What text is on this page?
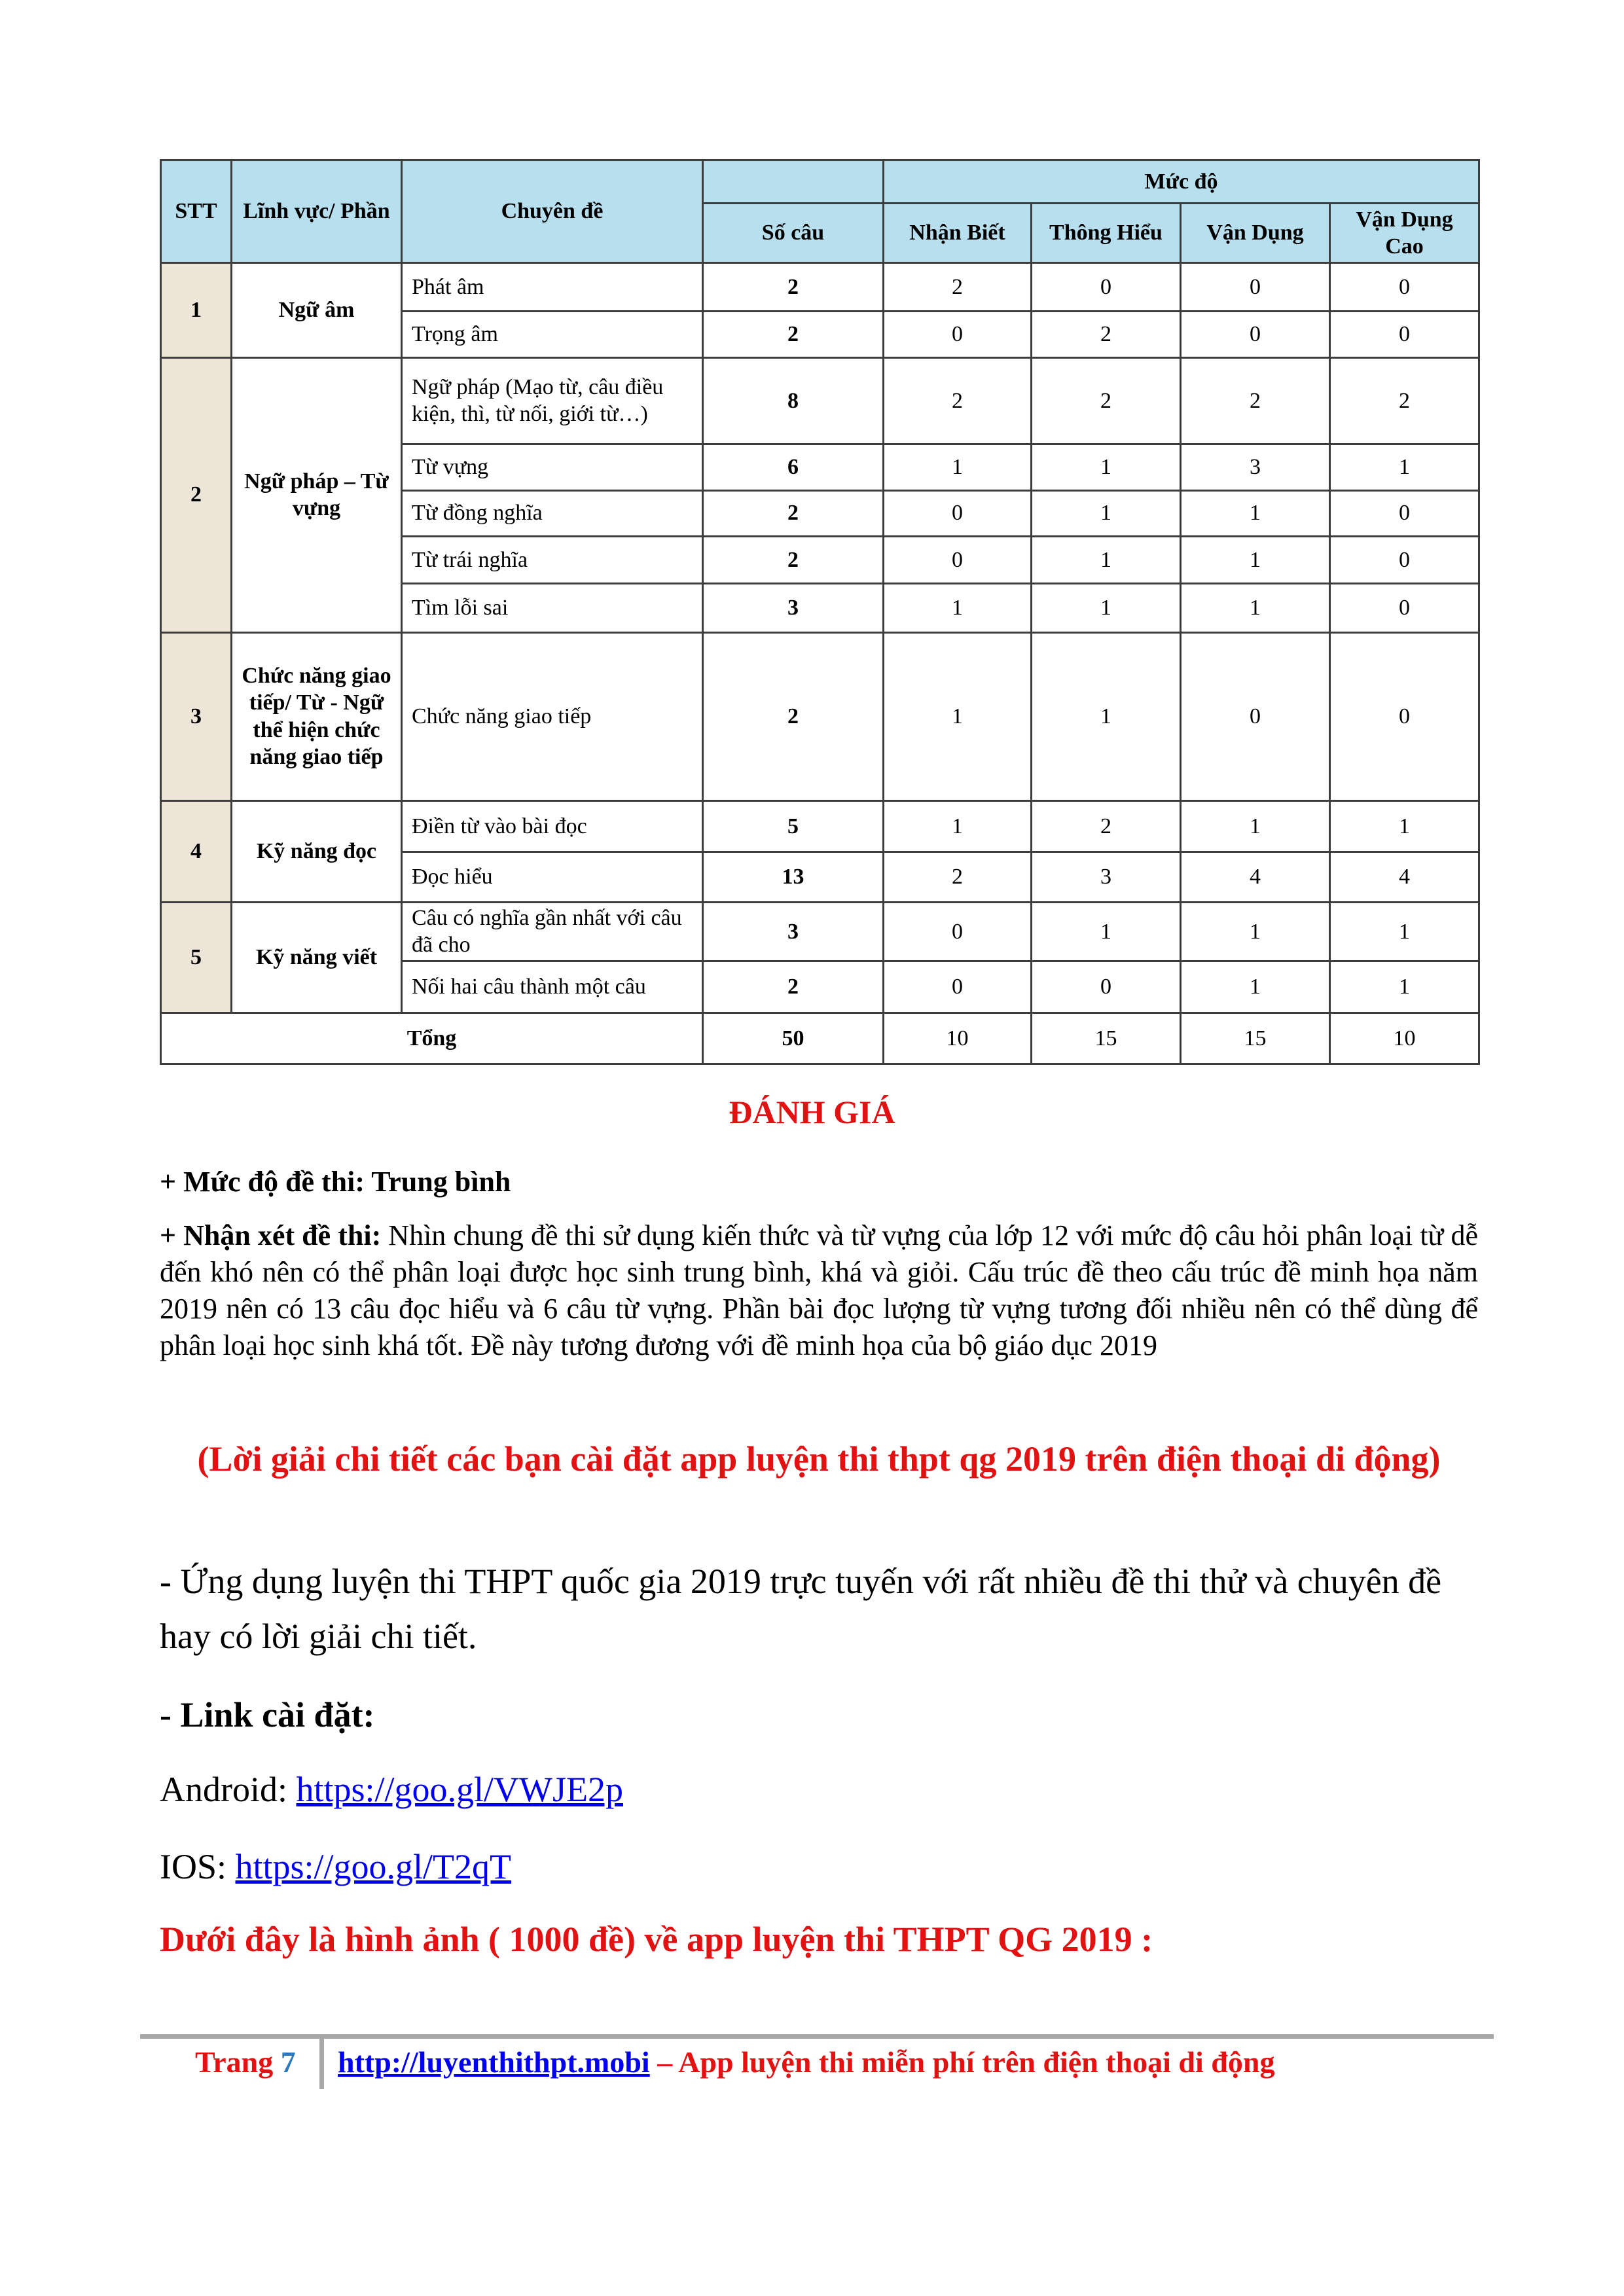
STT	Lĩnh vực/ Phần	Chuyên đề		Mức độ			
			Số câu	Nhận Biết	Thông Hiểu	Vận Dụng	Vận Dụng Cao
1	Ngữ âm	Phát âm	2	2	0	0	0
		Trọng âm	2	0	2	0	0
2	Ngữ pháp – Từ vựng	Ngữ pháp (Mạo từ, câu điều kiện, thì, từ nối, giới từ…)	8	2	2	2	2
		Từ vựng	6	1	1	3	1
		Từ đồng nghĩa	2	0	1	1	0
		Từ trái nghĩa	2	0	1	1	0
		Tìm lỗi sai	3	1	1	1	0
3	Chức năng giao tiếp/ Từ - Ngữ thể hiện chức năng giao tiếp	Chức năng giao tiếp	2	1	1	0	0
4	Kỹ năng đọc	Điền từ vào bài đọc	5	1	2	1	1
		Đọc hiểu	13	2	3	4	4
5	Kỹ năng viết	Câu có nghĩa gần nhất với câu đã cho	3	0	1	1	1
		Nối hai câu thành một câu	2	0	0	1	1
Tổng			50	10	15	15	10
ĐÁNH GIÁ
+ Mức độ đề thi: Trung bình
+ Nhận xét đề thi: Nhìn chung đề thi sử dụng kiến thức và từ vựng của lớp 12 với mức độ câu hỏi phân loại từ dễ đến khó nên có thể phân loại được học sinh trung bình, khá và giỏi. Cấu trúc đề theo cấu trúc đề minh họa năm 2019 nên có 13 câu đọc hiểu và 6 câu từ vựng. Phần bài đọc lượng từ vựng tương đối nhiều nên có thể dùng để phân loại học sinh khá tốt. Đề này tương đương với đề minh họa của bộ giáo dục 2019
(Lời giải chi tiết các bạn cài đặt app luyện thi thpt qg 2019 trên điện thoại di động)
- Ứng dụng luyện thi THPT quốc gia 2019 trực tuyến với rất nhiều đề thi thử và chuyên đề hay có lời giải chi tiết.
- Link cài đặt:
Android: https://goo.gl/VWJE2p
IOS: https://goo.gl/T2qT
Dưới đây là hình ảnh ( 1000 đề) về app luyện thi THPT QG 2019 :
Trang 7 http://luyenthithpt.mobi – App luyện thi miễn phí trên điện thoại di động
